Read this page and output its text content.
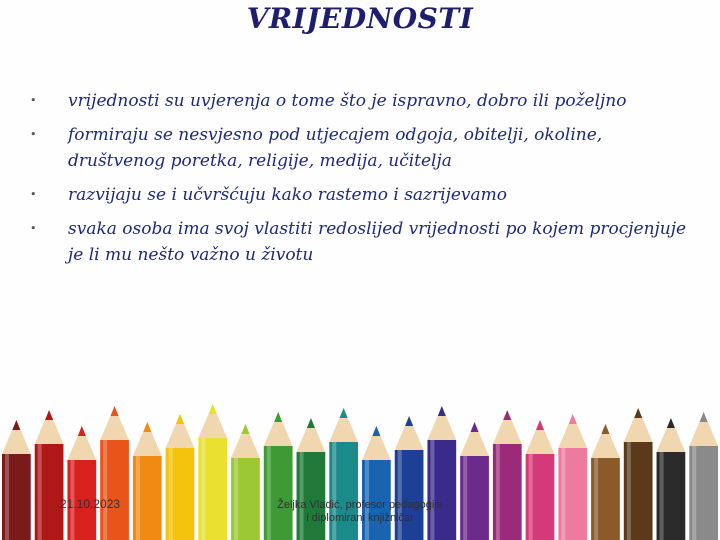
VRIJEDNOSTI
• vrijednosti su uvjerenja o tome što je ispravno, dobro ili poželjno
• formiraju se nesvjesno pod utjecajem odgoja, obitelji, okoline, društvenog poretka, religije, medija, učitelja
• razvijaju se i učvršćuju kako rastemo i sazrijevamo
• svaka osoba ima svoj vlastiti redoslijed vrijednosti po kojem procjenjuje je li mu nešto važno u životu
21.10.2023	Željka Vladić, profesor pedagogije
i diplomirani knjižničar
